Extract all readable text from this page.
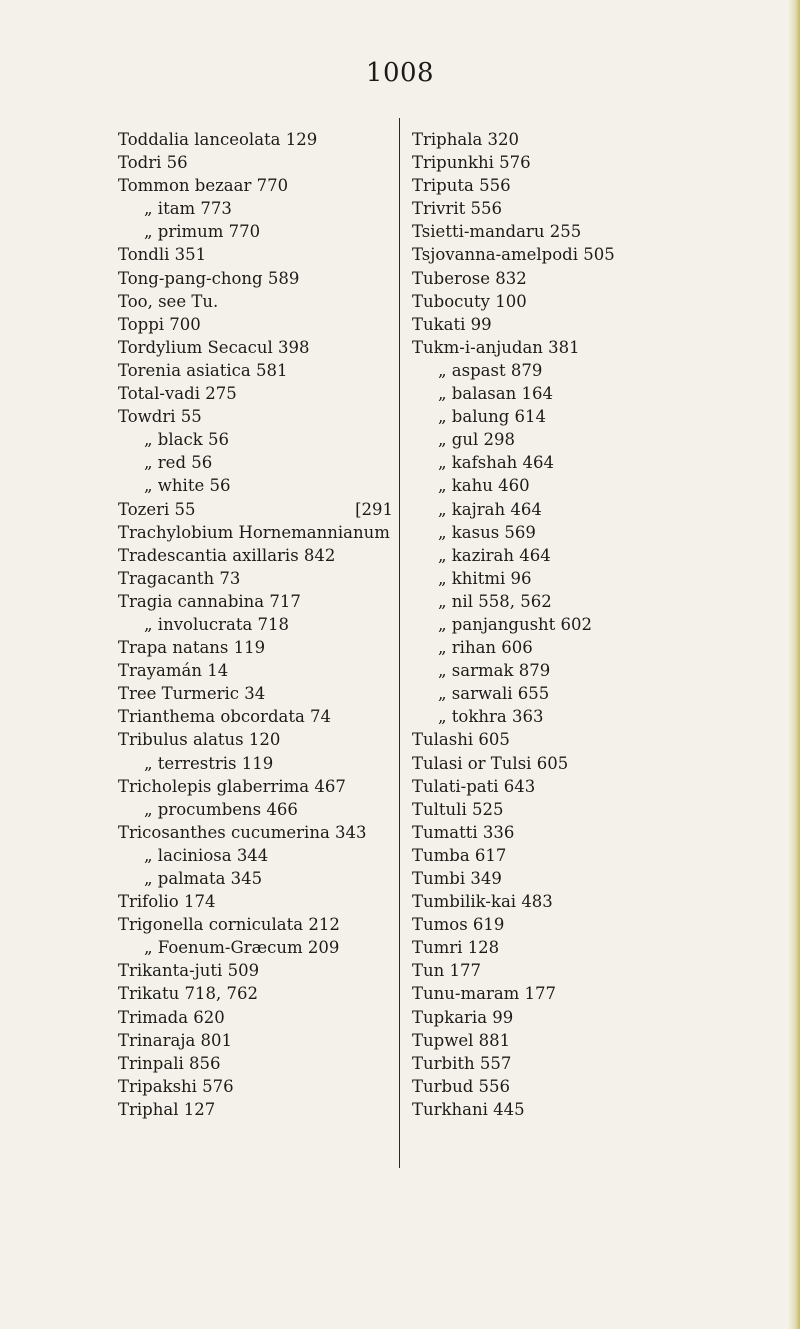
1008
Toddalia lanceolata 129
Todri 56
Tommon bezaar 770
„ itam 773
„ primum 770
Tondli 351
Tong-pang-chong 589
Too, see Tu.
Toppi 700
Tordylium Secacul 398
Torenia asiatica 581
Total-vadi 275
Towdri 55
„ black 56
„ red 56
„ white 56
Tozeri 55	[291
Trachylobium Hornemannianum
Tradescantia axillaris 842
Tragacanth 73
Tragia cannabina 717
„ involucrata 718
Trapa natans 119
Trayamán 14
Tree Turmeric 34
Trianthema obcordata 74
Tribulus alatus 120
„ terrestris 119
Tricholepis glaberrima 467
„ procumbens 466
Tricosanthes cucumerina 343
„ laciniosa 344
„ palmata 345
Trifolio 174
Trigonella corniculata 212
„ Foenum-Græcum 209
Trikanta-juti 509
Trikatu 718, 762
Trimada 620
Trinaraja 801
Trinpali 856
Tripakshi 576
Triphal 127
Triphala 320
Tripunkhi 576
Triputa 556
Trivrit 556
Tsietti-mandaru 255
Tsjovanna-amelpodi 505
Tuberose 832
Tubocuty 100
Tukati 99
Tukm-i-anjudan 381
„ aspast 879
„ balasan 164
„ balung 614
„ gul 298
„ kafshah 464
„ kahu 460
„ kajrah 464
„ kasus 569
„ kazirah 464
„ khitmi 96
„ nil 558, 562
„ panjangusht 602
„ rihan 606
„ sarmak 879
„ sarwali 655
„ tokhra 363
Tulashi 605
Tulasi or Tulsi 605
Tulati-pati 643
Tultuli 525
Tumatti 336
Tumba 617
Tumbi 349
Tumbilik-kai 483
Tumos 619
Tumri 128
Tun 177
Tunu-maram 177
Tupkaria 99
Tupwel 881
Turbith 557
Turbud 556
Turkhani 445
